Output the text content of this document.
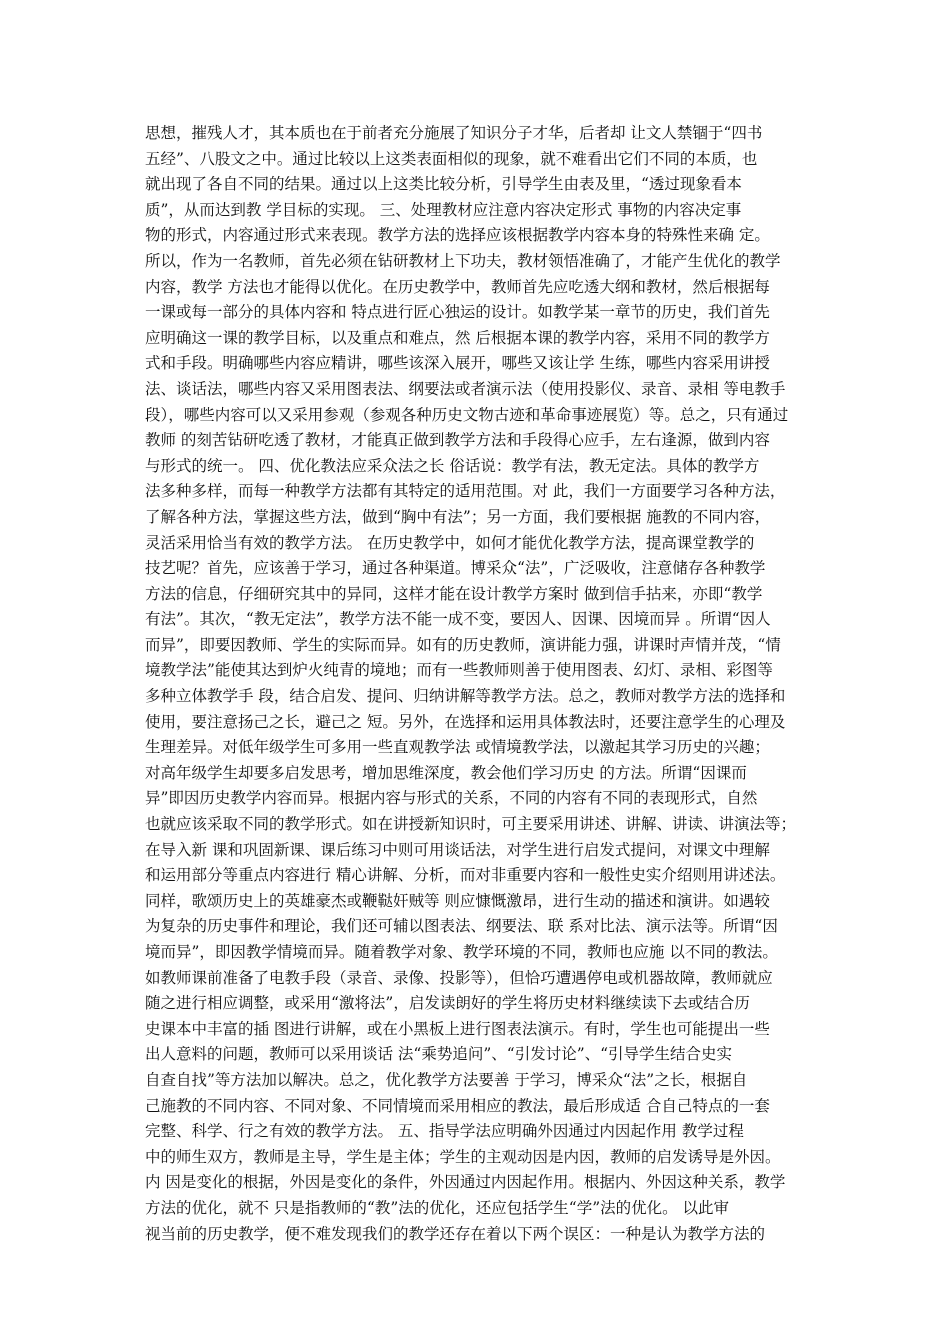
思想，摧残人才，其本质也在于前者充分施展了知识分子才华，后者却 让文人禁锢于“四书
五经”、八股文之中。通过比较以上这类表面相似的现象，就不难看出它们不同的本质，也
就出现了各自不同的结果。通过以上这类比较分析，引导学生由表及里，“透过现象看本
质”，从而达到教 学目标的实现。 三、处理教材应注意内容决定形式 事物的内容决定事
物的形式，内容通过形式来表现。教学方法的选择应该根据教学内容本身的特殊性来确 定。
所以，作为一名教师，首先必须在钻研教材上下功夫，教材领悟准确了，才能产生优化的教学
内容，教学 方法也才能得以优化。在历史教学中，教师首先应吃透大纲和教材，然后根据每
一课或每一部分的具体内容和 特点进行匠心独运的设计。如教学某一章节的历史，我们首先
应明确这一课的教学目标，以及重点和难点，然 后根据本课的教学内容，采用不同的教学方
式和手段。明确哪些内容应精讲，哪些该深入展开，哪些又该让学 生练，哪些内容采用讲授
法、谈话法，哪些内容又采用图表法、纲要法或者演示法（使用投影仪、录音、录相 等电教手
段），哪些内容可以又采用参观（参观各种历史文物古迹和革命事迹展览）等。总之，只有通过
教师 的刻苦钻研吃透了教材，才能真正做到教学方法和手段得心应手，左右逢源，做到内容
与形式的统一。 四、优化教法应采众法之长 俗话说：教学有法，教无定法。具体的教学方
法多种多样，而每一种教学方法都有其特定的适用范围。对 此，我们一方面要学习各种方法，
了解各种方法，掌握这些方法，做到“胸中有法”；另一方面，我们要根据 施教的不同内容，
灵活采用恰当有效的教学方法。 在历史教学中，如何才能优化教学方法，提高课堂教学的
技艺呢？首先，应该善于学习，通过各种渠道。博采众“法”，广泛吸收，注意储存各种教学
方法的信息，仔细研究其中的异同，这样才能在设计教学方案时 做到信手拈来，亦即“教学
有法”。其次，“教无定法”，教学方法不能一成不变，要因人、因课、因境而异 。所谓“因人
而异”，即要因教师、学生的实际而异。如有的历史教师，演讲能力强，讲课时声情并茂，“情
境教学法”能使其达到炉火纯青的境地；而有一些教师则善于使用图表、幻灯、录相、彩图等
多种立体教学手 段，结合启发、提问、归纳讲解等教学方法。总之，教师对教学方法的选择和
使用，要注意扬己之长，避己之 短。另外，在选择和运用具体教法时，还要注意学生的心理及
生理差异。对低年级学生可多用一些直观教学法 或情境教学法，以激起其学习历史的兴趣；
对高年级学生却要多启发思考，增加思维深度，教会他们学习历史 的方法。所谓“因课而
异”即因历史教学内容而异。根据内容与形式的关系，不同的内容有不同的表现形式，自然
也就应该采取不同的教学形式。如在讲授新知识时，可主要采用讲述、讲解、讲读、讲演法等；
在导入新 课和巩固新课、课后练习中则可用谈话法，对学生进行启发式提问，对课文中理解
和运用部分等重点内容进行 精心讲解、分析，而对非重要内容和一般性史实介绍则用讲述法。
同样，歌颂历史上的英雄豪杰或鞭鞑奸贼等 则应慷慨激昂，进行生动的描述和演讲。如遇较
为复杂的历史事件和理论，我们还可辅以图表法、纲要法、联 系对比法、演示法等。所谓“因
境而异”，即因教学情境而异。随着教学对象、教学环境的不同，教师也应施 以不同的教法。
如教师课前准备了电教手段（录音、录像、投影等），但恰巧遭遇停电或机器故障，教师就应
随之进行相应调整，或采用“激将法”，启发读朗好的学生将历史材料继续读下去或结合历
史课本中丰富的插 图进行讲解，或在小黑板上进行图表法演示。有时，学生也可能提出一些
出人意料的问题，教师可以采用谈话 法“乘势追问”、“引发讨论”、“引导学生结合史实
自查自找”等方法加以解决。总之，优化教学方法要善 于学习，博采众“法”之长，根据自
己施教的不同内容、不同对象、不同情境而采用相应的教法，最后形成适 合自己特点的一套
完整、科学、行之有效的教学方法。 五、指导学法应明确外因通过内因起作用 教学过程
中的师生双方，教师是主导，学生是主体；学生的主观动因是内因，教师的启发诱导是外因。
内 因是变化的根据，外因是变化的条件，外因通过内因起作用。根据内、外因这种关系，教学
方法的优化，就不 只是指教师的“教”法的优化，还应包括学生“学”法的优化。 以此审
视当前的历史教学，便不难发现我们的教学还存在着以下两个误区：一种是认为教学方法的
